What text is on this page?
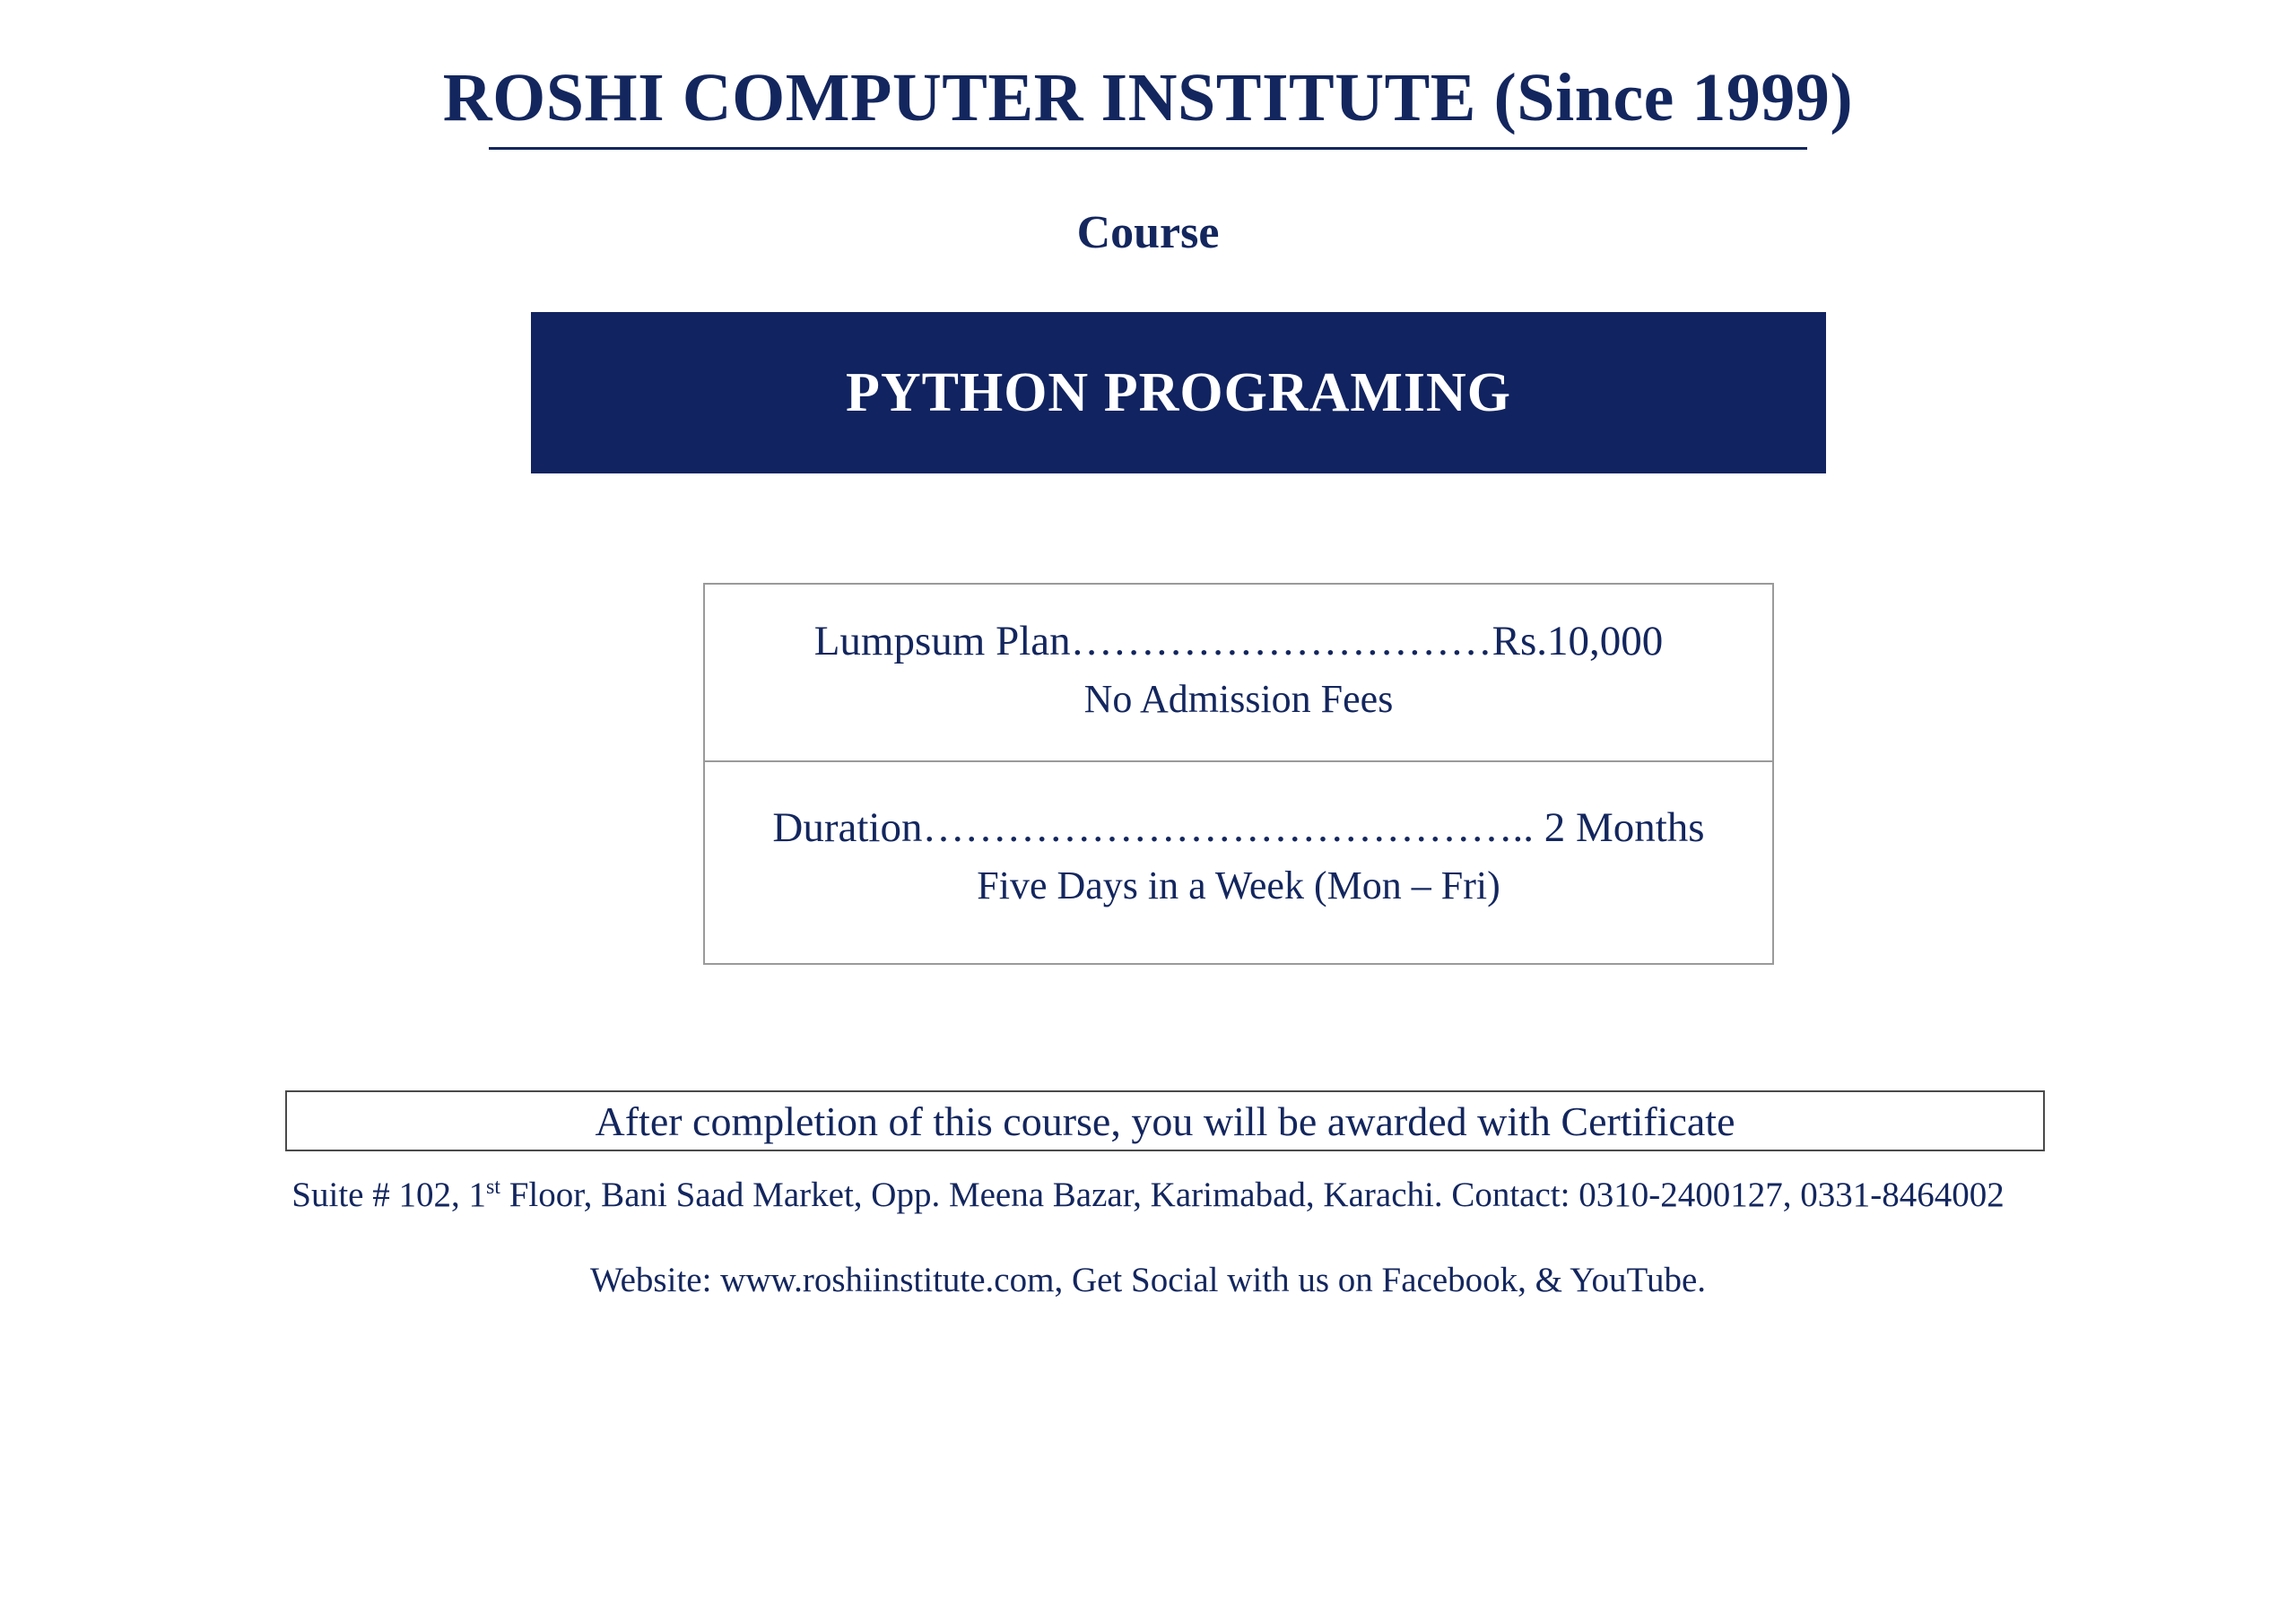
ROSHI COMPUTER INSTITUTE (Since 1999)
Course
PYTHON PROGRAMING
Lumpsum Plan…………………………Rs.10,000
No Admission Fees
Duration…………………………………….. 2 Months
Five Days in a Week (Mon – Fri)
After completion of this course, you will be awarded with Certificate
Suite # 102, 1st Floor, Bani Saad Market, Opp. Meena Bazar, Karimabad, Karachi. Contact: 0310-2400127, 0331-8464002
Website: www.roshiinstitute.com, Get Social with us on Facebook, & YouTube.
